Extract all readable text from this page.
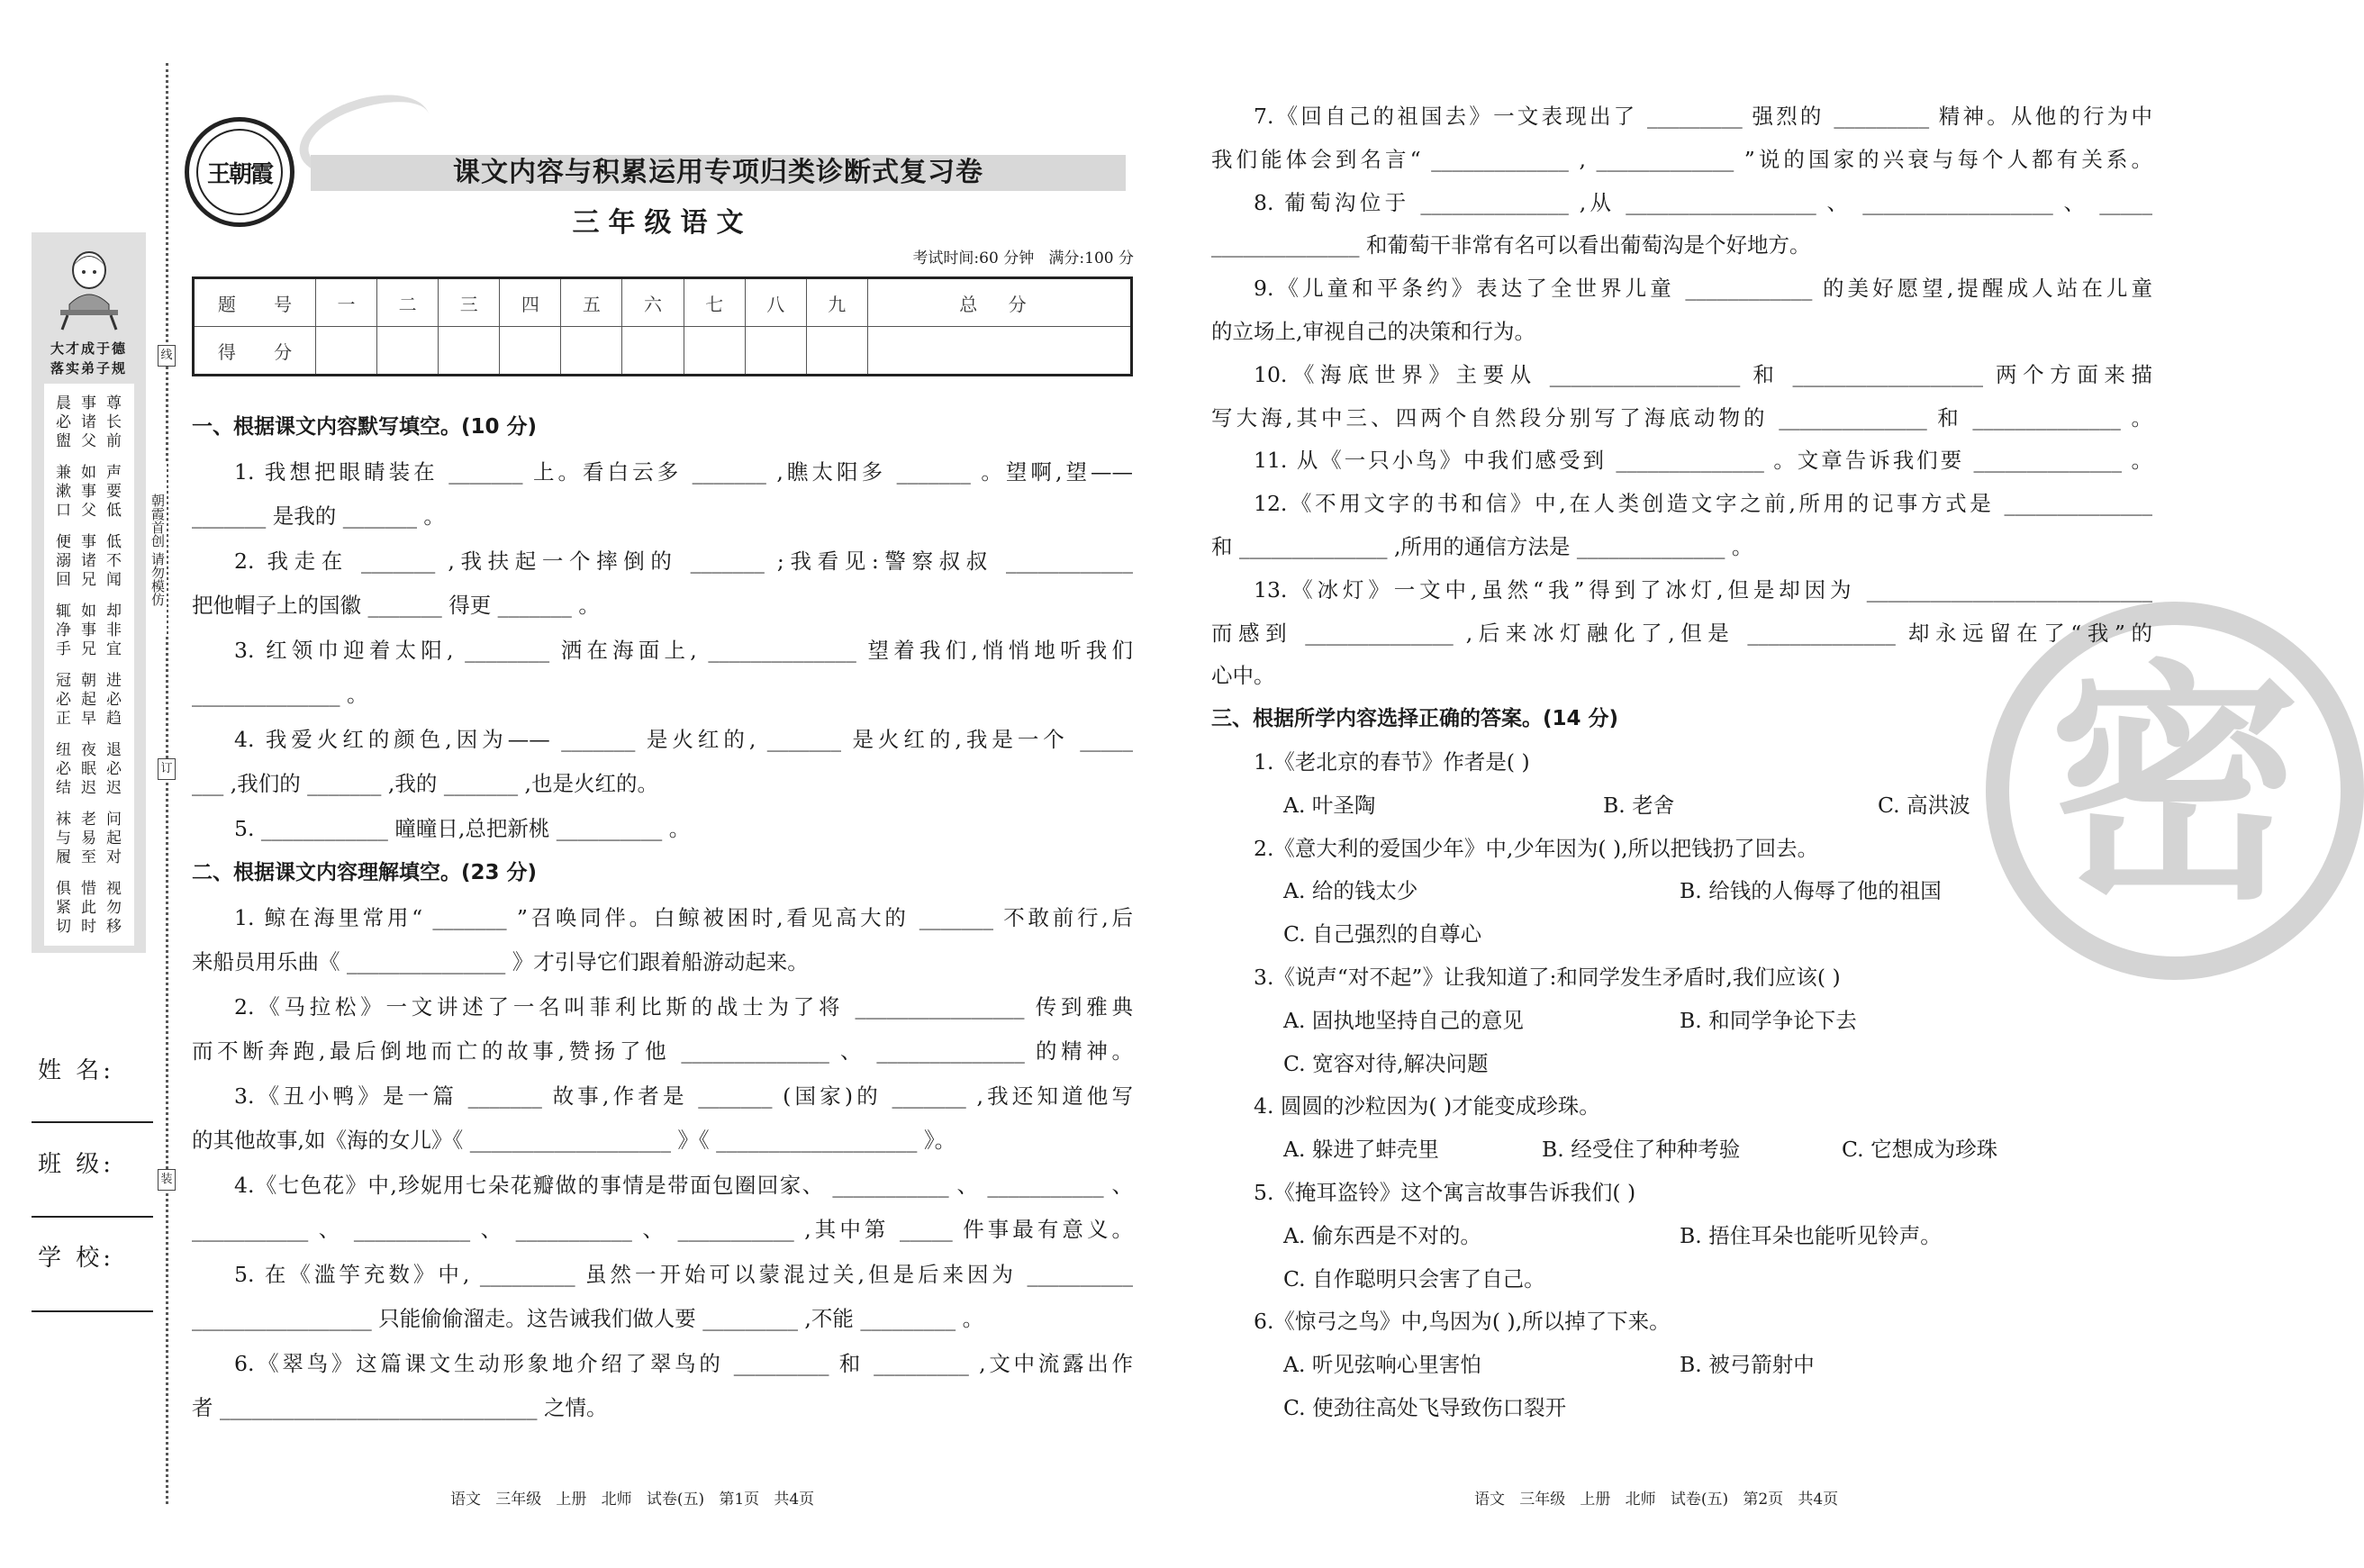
大才成于德
落实弟子规
晨事尊
必诸长
盥父前
兼如声
漱事要
口父低
便事低
溺诸不
回兄闻
辄如却
净事非
手兄宜
冠朝进
必起必
正早趋
纽夜退
必眠必
结迟迟
袜老问
与易起
履至对
俱惜视
紧此勿
切时移
朝霞首创 请勿模仿
线
订
装
姓 名:
班 级:
学 校:
王朝霞	课文内容与积累运用专项归类诊断式复习卷
三年级语文
考试时间:60 分钟   满分:100 分
题 号	一	二	三	四	五	六	七	八	九	总 分
得 分										
一、根据课文内容默写填空。(10 分)
1. 我想把眼睛装在 _______ 上。看白云多 _______ ,瞧太阳多 _______ 。望啊,望——
_______ 是我的 _______ 。
2. 我走在 _______ ,我扶起一个摔倒的 _______ ;我看见:警察叔叔 ____________
把他帽子上的国徽 _______ 得更 _______ 。
3. 红领巾迎着太阳, ________ 洒在海面上, ______________ 望着我们,悄悄地听我们
______________ 。
4. 我爱火红的颜色,因为—— _______ 是火红的, _______ 是火红的,我是一个 _____
___ ,我们的 _______ ,我的 _______ ,也是火红的。
5. ____________ 曈曈日,总把新桃 __________ 。
二、根据课文内容理解填空。(23 分)
1. 鲸在海里常用“ _______ ”召唤同伴。白鲸被困时,看见高大的 _______ 不敢前行,后
来船员用乐曲《 _______________ 》才引导它们跟着船游动起来。
2.《马拉松》一文讲述了一名叫菲利比斯的战士为了将 ________________ 传到雅典
而不断奔跑,最后倒地而亡的故事,赞扬了他 ______________ 、 ______________ 的精神。
3.《丑小鸭》是一篇 _______ 故事,作者是 _______ (国家)的 _______ ,我还知道他写
的其他故事,如《海的女儿》《 ___________________ 》《 ___________________ 》。
4.《七色花》中,珍妮用七朵花瓣做的事情是带面包圈回家、 ___________ 、 ___________ 、
___________ 、 ___________ 、 ___________ 、 ___________ ,其中第 _____ 件事最有意义。
5. 在《滥竽充数》中, _________ 虽然一开始可以蒙混过关,但是后来因为 __________
_________________ 只能偷偷溜走。这告诫我们做人要 _________ ,不能 _________ 。
6.《翠鸟》这篇课文生动形象地介绍了翠鸟的 _________ 和 _________ ,文中流露出作
者 ______________________________ 之情。
语文   三年级   上册   北师   试卷(五)   第1页   共4页
密
7.《回自己的祖国去》一文表现出了 _________ 强烈的 _________ 精神。从他的行为中
我们能体会到名言“ _____________ , _____________ ”说的国家的兴衰与每个人都有关系。
8. 葡萄沟位于 ______________ ,从 __________________ 、 __________________ 、 _____
______________ 和葡萄干非常有名可以看出葡萄沟是个好地方。
9.《儿童和平条约》表达了全世界儿童 ____________ 的美好愿望,提醒成人站在儿童
的立场上,审视自己的决策和行为。
10.《海底世界》主要从 __________________ 和 __________________ 两个方面来描
写大海,其中三、四两个自然段分别写了海底动物的 ______________ 和 ______________ 。
11. 从《一只小鸟》中我们感受到 ______________ 。文章告诉我们要 ______________ 。
12.《不用文字的书和信》中,在人类创造文字之前,所用的记事方式是 ______________
和 ______________ ,所用的通信方法是 ______________ 。
13.《冰灯》一文中,虽然“我”得到了冰灯,但是却因为 ___________________________
而感到 ______________ ,后来冰灯融化了,但是 ______________ 却永远留在了“我”的
心中。
三、根据所学内容选择正确的答案。(14 分)
1.《老北京的春节》作者是( )
A. 叶圣陶	B. 老舍	C. 高洪波
2.《意大利的爱国少年》中,少年因为( ),所以把钱扔了回去。
A. 给的钱太少	B. 给钱的人侮辱了他的祖国
C. 自己强烈的自尊心
3.《说声“对不起”》让我知道了:和同学发生矛盾时,我们应该( )
A. 固执地坚持自己的意见	B. 和同学争论下去
C. 宽容对待,解决问题
4. 圆圆的沙粒因为( )才能变成珍珠。
A. 躲进了蚌壳里	B. 经受住了种种考验	C. 它想成为珍珠
5.《掩耳盗铃》这个寓言故事告诉我们( )
A. 偷东西是不对的。	B. 捂住耳朵也能听见铃声。
C. 自作聪明只会害了自己。
6.《惊弓之鸟》中,鸟因为( ),所以掉了下来。
A. 听见弦响心里害怕	B. 被弓箭射中
C. 使劲往高处飞导致伤口裂开
语文   三年级   上册   北师   试卷(五)   第2页   共4页
